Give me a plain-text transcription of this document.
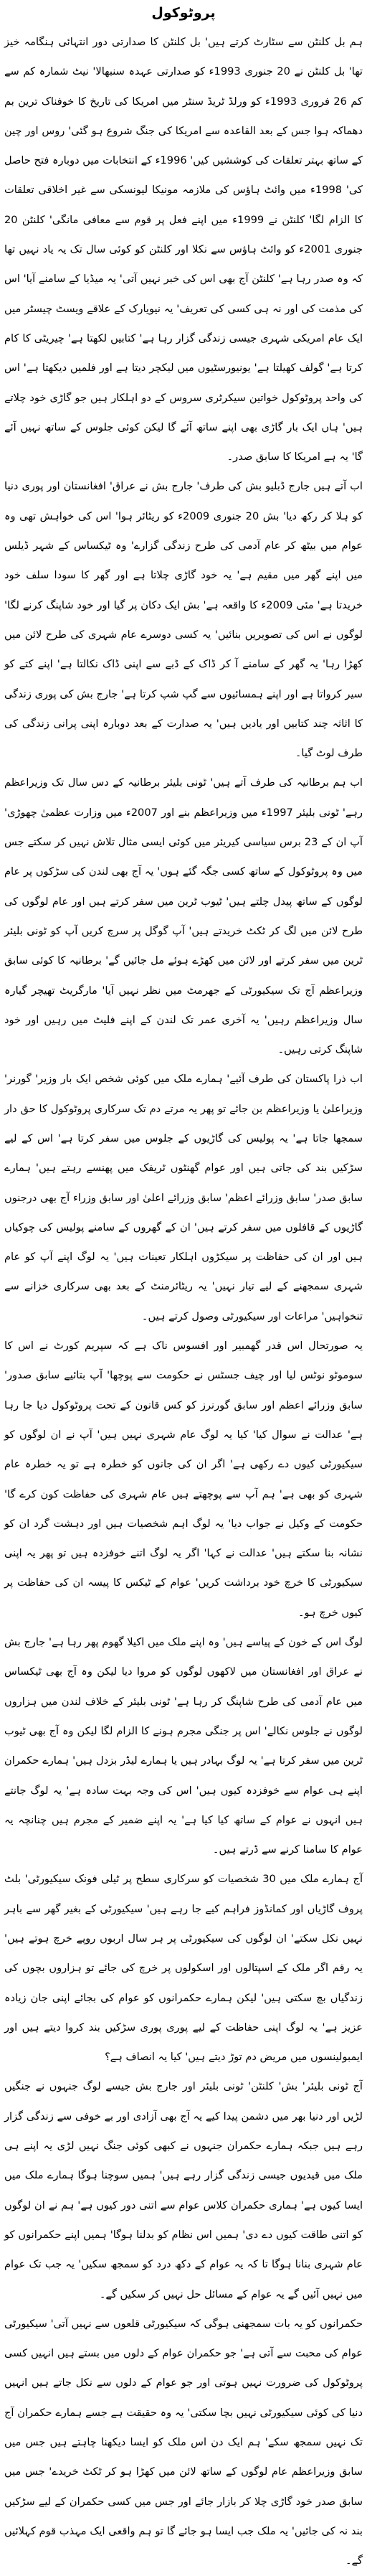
پروٹوکول

ہم بل کلنٹن سے سٹارٹ کرتے ہیں' بل کلنٹن کا صدارتی دور انتہائی ہنگامہ خیز تھا' بل کلنٹن نے 20 جنوری 1993ء کو صدارتی عہدہ سنبھالا' نیٹ شمارہ کم سے کم 26 فروری 1993ء کو ورلڈ ٹریڈ سنٹر میں امریکا کی تاریخ کا خوفناک ترین بم دھماکہ ہوا جس کے بعد القاعدہ سے امریکا کی جنگ شروع ہو گئی' روس اور چین کے ساتھ بہتر تعلقات کی کوششیں کیں' 1996ء کے انتخابات میں دوبارہ فتح حاصل کی' 1998ء میں وائٹ ہاؤس کی ملازمہ مونیکا لیونسکی سے غیر اخلاقی تعلقات کا الزام لگا' کلنٹن نے 1999ء میں اپنے فعل پر قوم سے معافی مانگی' کلنٹن 20 جنوری 2001ء کو وائٹ ہاؤس سے نکلا اور کلنٹن کو کوئی سال تک یہ یاد نہیں تھا کہ وہ صدر رہا ہے' کلنٹن آج بھی اس کی خبر نہیں آتی' یہ میڈیا کے سامنے آیا' اس کی مذمت کی اور نہ ہی کسی کی تعریف' یہ نیویارک کے علاقے ویسٹ چیسٹر میں ایک عام امریکی شہری جیسی زندگی گزار رہا ہے' کتابیں لکھتا ہے' چیریٹی کا کام کرتا ہے' گولف کھیلتا ہے' یونیورسٹیوں میں لیکچر دیتا ہے اور فلمیں دیکھتا ہے' اس کی واحد پروٹوکول خواتین سیکرٹری سروس کے دو اہلکار ہیں جو گاڑی خود چلاتے ہیں' ہاں ایک بار گاڑی بھی اپنے ساتھ آئے گا لیکن کوئی جلوس کے ساتھ نہیں آئے گا' یہ ہے امریکا کا سابق صدر۔

اب آتے ہیں جارج ڈبلیو بش کی طرف' جارج بش نے عراق' افغانستان اور پوری دنیا کو ہلا کر رکھ دیا' بش 20 جنوری 2009ء کو ریٹائر ہوا' اس کی خواہش تھی وہ عوام میں بیٹھ کر عام آدمی کی طرح زندگی گزارے' وہ ٹیکساس کے شہر ڈیلس میں اپنے گھر میں مقیم ہے' یہ خود گاڑی چلاتا ہے اور گھر کا سودا سلف خود خریدتا ہے' مئی 2009ء کا واقعہ ہے' بش ایک دکان پر گیا اور خود شاپنگ کرنے لگا' لوگوں نے اس کی تصویریں بنائیں' یہ کسی دوسرے عام شہری کی طرح لائن میں کھڑا رہا' یہ گھر کے سامنے آ کر ڈاک کے ڈبے سے اپنی ڈاک نکالتا ہے' اپنے کتے کو سیر کرواتا ہے اور اپنے ہمسائیوں سے گپ شپ کرتا ہے' جارج بش کی پوری زندگی کا اثاثہ چند کتابیں اور یادیں ہیں' یہ صدارت کے بعد دوبارہ اپنی پرانی زندگی کی طرف لوٹ گیا۔

اب ہم برطانیہ کی طرف آتے ہیں' ٹونی بلیئر برطانیہ کے دس سال تک وزیراعظم رہے' ٹونی بلیئر 1997ء میں وزیراعظم بنے اور 2007ء میں وزارت عظمیٰ چھوڑی' آپ ان کے 23 برس سیاسی کیریئر میں کوئی ایسی مثال تلاش نہیں کر سکتے جس میں وہ پروٹوکول کے ساتھ کسی جگہ گئے ہوں' یہ آج بھی لندن کی سڑکوں پر عام لوگوں کے ساتھ پیدل چلتے ہیں' ٹیوب ٹرین میں سفر کرتے ہیں اور عام لوگوں کی طرح لائن میں لگ کر ٹکٹ خریدتے ہیں' آپ گوگل پر سرچ کریں آپ کو ٹونی بلیئر ٹرین میں سفر کرتے اور لائن میں کھڑے ہوئے مل جائیں گے' برطانیہ کا کوئی سابق وزیراعظم آج تک سیکیورٹی کے جھرمٹ میں نظر نہیں آیا' مارگریٹ تھیچر گیارہ سال وزیراعظم رہیں' یہ آخری عمر تک لندن کے اپنے فلیٹ میں رہیں اور خود شاپنگ کرتی رہیں۔

اب ذرا پاکستان کی طرف آئیے' ہمارے ملک میں کوئی شخص ایک بار وزیر' گورنر' وزیراعلیٰ یا وزیراعظم بن جائے تو پھر یہ مرتے دم تک سرکاری پروٹوکول کا حق دار سمجھا جاتا ہے' یہ پولیس کی گاڑیوں کے جلوس میں سفر کرتا ہے' اس کے لیے سڑکیں بند کی جاتی ہیں اور عوام گھنٹوں ٹریفک میں پھنسے رہتے ہیں' ہمارے سابق صدر' سابق وزرائے اعظم' سابق وزرائے اعلیٰ اور سابق وزراء آج بھی درجنوں گاڑیوں کے قافلوں میں سفر کرتے ہیں' ان کے گھروں کے سامنے پولیس کی چوکیاں ہیں اور ان کی حفاظت پر سیکڑوں اہلکار تعینات ہیں' یہ لوگ اپنے آپ کو عام شہری سمجھنے کے لیے تیار نہیں' یہ ریٹائرمنٹ کے بعد بھی سرکاری خزانے سے تنخواہیں' مراعات اور سیکیورٹی وصول کرتے ہیں۔

یہ صورتحال اس قدر گھمبیر اور افسوس ناک ہے کہ سپریم کورٹ نے اس کا سوموٹو نوٹس لیا اور چیف جسٹس نے حکومت سے پوچھا' آپ بتائیے سابق صدور' سابق وزرائے اعظم اور سابق گورنرز کو کس قانون کے تحت پروٹوکول دیا جا رہا ہے' عدالت نے سوال کیا' کیا یہ لوگ عام شہری نہیں ہیں' آپ نے ان لوگوں کو سیکیورٹی کیوں دے رکھی ہے' اگر ان کی جانوں کو خطرہ ہے تو یہ خطرہ عام شہری کو بھی ہے' ہم آپ سے پوچھتے ہیں عام شہری کی حفاظت کون کرے گا' حکومت کے وکیل نے جواب دیا' یہ لوگ اہم شخصیات ہیں اور دہشت گرد ان کو نشانہ بنا سکتے ہیں' عدالت نے کہا' اگر یہ لوگ اتنے خوفزدہ ہیں تو پھر یہ اپنی سیکیورٹی کا خرچ خود برداشت کریں' عوام کے ٹیکس کا پیسہ ان کی حفاظت پر کیوں خرچ ہو۔

لوگ اس کے خون کے پیاسے ہیں' وہ اپنے ملک میں اکیلا گھوم پھر رہا ہے' جارج بش نے عراق اور افغانستان میں لاکھوں لوگوں کو مروا دیا لیکن وہ آج بھی ٹیکساس میں عام آدمی کی طرح شاپنگ کر رہا ہے' ٹونی بلیئر کے خلاف لندن میں ہزاروں لوگوں نے جلوس نکالے' اس پر جنگی مجرم ہونے کا الزام لگا لیکن وہ آج بھی ٹیوب ٹرین میں سفر کرتا ہے' یہ لوگ بہادر ہیں یا ہمارے لیڈر بزدل ہیں' ہمارے حکمران اپنے ہی عوام سے خوفزدہ کیوں ہیں' اس کی وجہ بہت سادہ ہے' یہ لوگ جانتے ہیں انہوں نے عوام کے ساتھ کیا کیا ہے' یہ اپنے ضمیر کے مجرم ہیں چنانچہ یہ عوام کا سامنا کرنے سے ڈرتے ہیں۔

آج ہمارے ملک میں 30 شخصیات کو سرکاری سطح پر ٹیلی فونک سیکیورٹی' بلٹ پروف گاڑیاں اور کمانڈوز فراہم کیے جا رہے ہیں' سیکیورٹی کے بغیر گھر سے باہر نہیں نکل سکتے' ان لوگوں کی سیکیورٹی پر ہر سال اربوں روپے خرچ ہوتے ہیں' یہ رقم اگر ملک کے اسپتالوں اور اسکولوں پر خرچ کی جائے تو ہزاروں بچوں کی زندگیاں بچ سکتی ہیں' لیکن ہمارے حکمرانوں کو عوام کی بجائے اپنی جان زیادہ عزیز ہے' یہ لوگ اپنی حفاظت کے لیے پوری پوری سڑکیں بند کروا دیتے ہیں اور ایمبولینسوں میں مریض دم توڑ دیتے ہیں' کیا یہ انصاف ہے؟

آج ٹونی بلیئر' بش' کلنٹن' ٹونی بلیئر اور جارج بش جیسے لوگ جنہوں نے جنگیں لڑیں اور دنیا بھر میں دشمن پیدا کیے یہ آج بھی آزادی اور بے خوفی سے زندگی گزار رہے ہیں جبکہ ہمارے حکمران جنہوں نے کبھی کوئی جنگ نہیں لڑی یہ اپنے ہی ملک میں قیدیوں جیسی زندگی گزار رہے ہیں' ہمیں سوچنا ہوگا ہمارے ملک میں ایسا کیوں ہے' ہماری حکمران کلاس عوام سے اتنی دور کیوں ہے' ہم نے ان لوگوں کو اتنی طاقت کیوں دے دی' ہمیں اس نظام کو بدلنا ہوگا' ہمیں اپنے حکمرانوں کو عام شہری بنانا ہوگا تا کہ یہ عوام کے دکھ درد کو سمجھ سکیں' یہ جب تک عوام میں نہیں آئیں گے یہ عوام کے مسائل حل نہیں کر سکیں گے۔

حکمرانوں کو یہ بات سمجھنی ہوگی کہ سیکیورٹی قلعوں سے نہیں آتی' سیکیورٹی عوام کی محبت سے آتی ہے' جو حکمران عوام کے دلوں میں بستے ہیں انہیں کسی پروٹوکول کی ضرورت نہیں ہوتی اور جو عوام کے دلوں سے نکل جاتے ہیں انہیں دنیا کی کوئی سیکیورٹی نہیں بچا سکتی' یہ وہ حقیقت ہے جسے ہمارے حکمران آج تک نہیں سمجھ سکے' ہم ایک دن اس ملک کو ایسا دیکھنا چاہتے ہیں جس میں سابق وزیراعظم عام لوگوں کے ساتھ لائن میں کھڑا ہو کر ٹکٹ خریدے' جس میں سابق صدر خود گاڑی چلا کر بازار جائے اور جس میں کسی حکمران کے لیے سڑکیں بند نہ کی جائیں' یہ ملک جب ایسا ہو جائے گا تو ہم واقعی ایک مہذب قوم کہلائیں گے۔
